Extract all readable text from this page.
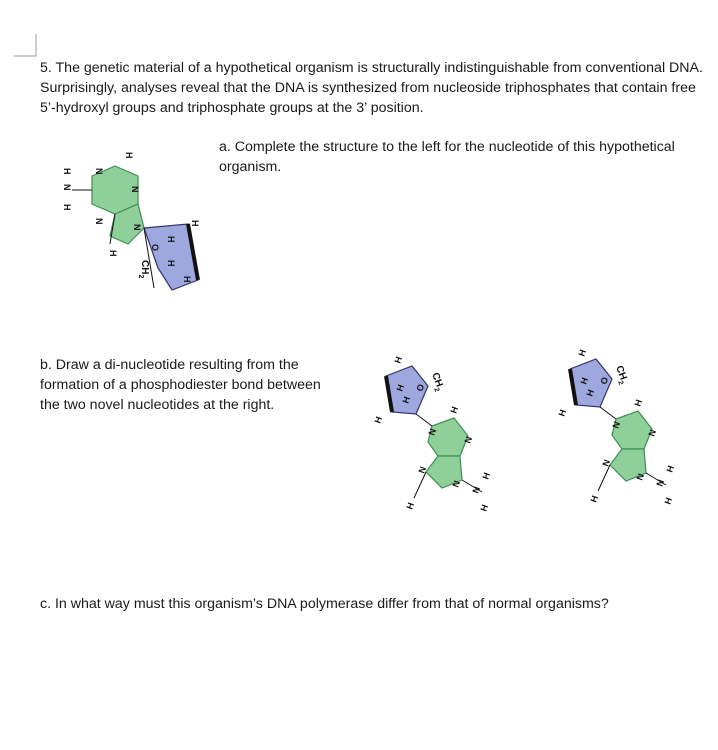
5. The genetic material of a hypothetical organism is structurally indistinguishable from conventional DNA. Surprisingly, analyses reveal that the DNA is synthesized from nucleoside triphosphates that contain free 5’-hydroxyl groups and triphosphate groups at the 3’ position.

a. Complete the structure to the left for the nucleotide of this hypothetical organism.

b. Draw a di-nucleotide resulting from the formation of a phosphodiester bond between the two novel nucleotides at the right.

c. In what way must this organism’s DNA polymerase differ from that of normal organisms?

H
N
H
N
H
N
N
N
H
O
H
H
H
H
$CH_2$
H
H
H
H
O $CH_2$
H
N
N
N
N
N
H
H
H
H
H
H
H
O $CH_2$
H
N
N
N
N
N
H
H
H
